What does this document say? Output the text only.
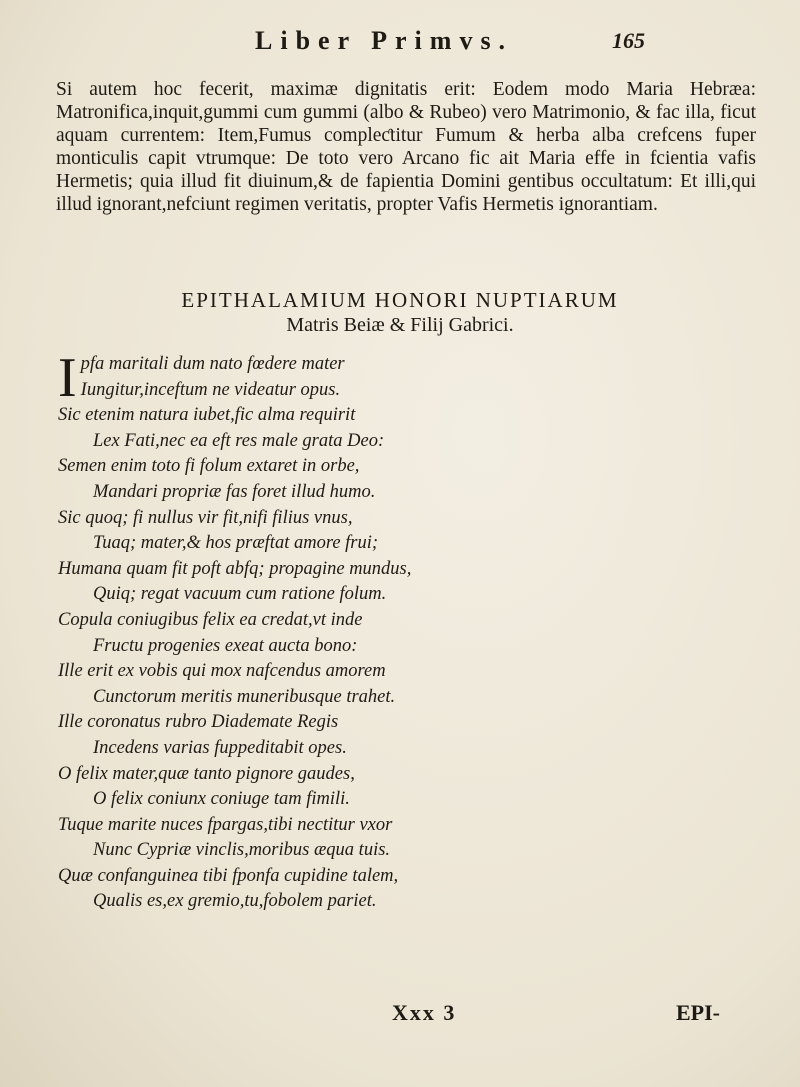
Liber Primvs.	165

Si autem hoc fecerit, maximæ dignitatis erit: Eodem modo Maria Hebræa: Matronifica,inquit,gummi cum gummi (albo & Rubeo) vero Matrimonio, & fac illa, ficut aquam currentem: Item,Fumus compleƈtitur Fumum & herba alba crefcens fuper monticulis capit vtrumque: De toto vero Arcano fic ait Maria effe in fcientia vafis Hermetis; quia illud fit diuinum,& de fapientia Domini gentibus occultatum: Et illi,qui illud ignorant,nefciunt regimen veritatis, propter Vafis Hermetis ignorantiam.

EPITHALAMIUM HONORI NUPTIARUM
Matris Beiæ & Filij Gabrici.
I pfa maritali dum nato fœdere mater
Iungitur,inceftum ne videatur opus.
Sic etenim natura iubet,fic alma requirit
Lex Fati,nec ea eft res male grata Deo:
Semen enim toto fi folum extaret in orbe,
Mandari propriæ fas foret illud humo.
Sic quoq; fi nullus vir fit,nifi filius vnus,
Tuaq; mater,& hos præftat amore frui;
Humana quam fit poft abfq; propagine mundus,
Quiq; regat vacuum cum ratione folum.
Copula coniugibus felix ea credat,vt inde
Fructu progenies exeat aucta bono:
Ille erit ex vobis qui mox nafcendus amorem
Cunctorum meritis muneribusque trahet.
Ille coronatus rubro Diademate Regis
Incedens varias fuppeditabit opes.
O felix mater,quæ tanto pignore gaudes,
O felix coniunx coniuge tam fimili.
Tuque marite nuces fpargas,tibi nectitur vxor
Nunc Cypriæ vinclis,moribus æqua tuis.
Quæ confanguinea tibi fponfa cupidine talem,
Qualis es,ex gremio,tu,fobolem pariet.
Xxx 3	EPI-
